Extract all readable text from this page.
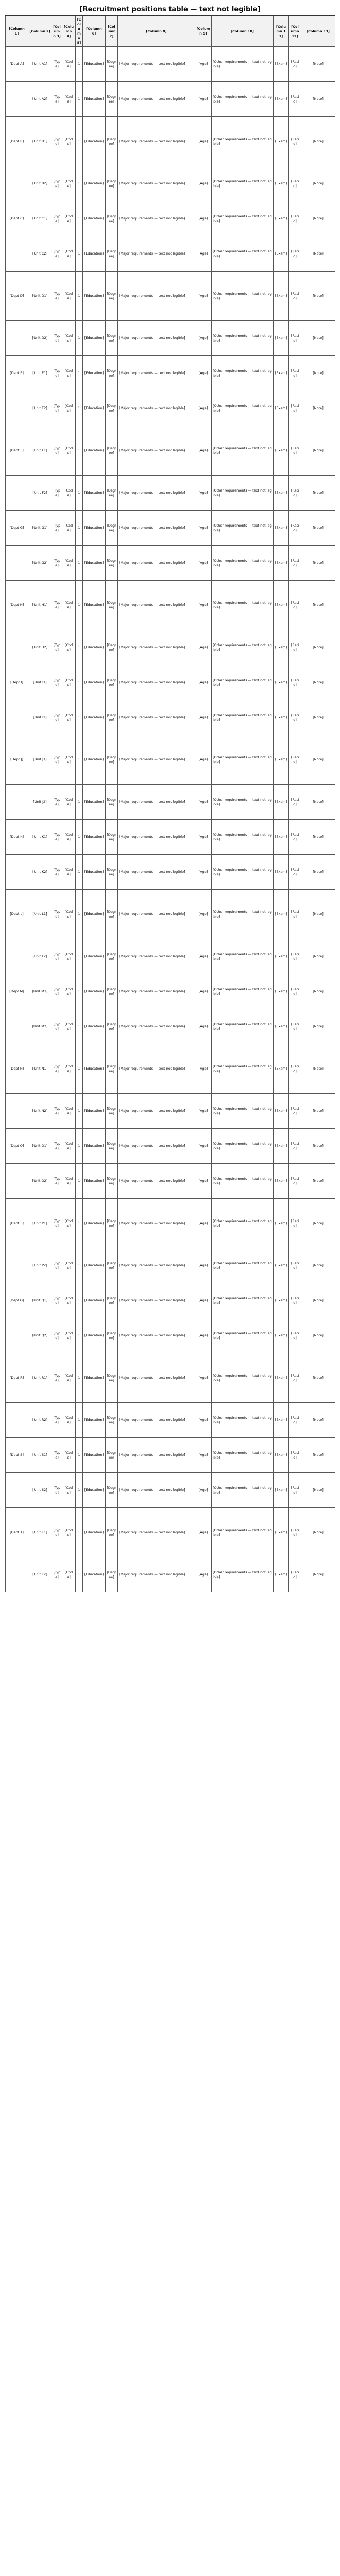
[Recruitment positions table — text not legible]
[Column 1]	[Column 2]	[Column 3]	[Column 4]	[Column 5]	[Column 6]	[Column 7]	[Column 8]	[Column 9]	[Column 10]	[Column 11]	[Column 12]	[Column 13]
[Dept A]	[Unit A1]	[Type]	[Code]	1	[Education]	[Degree]	[Major requirements — text not legible]	[Age]	[Other requirements — text not legible]	[Exam]	[Ratio]	[Note]
	[Unit A2]	[Type]	[Code]	1	[Education]	[Degree]	[Major requirements — text not legible]	[Age]	[Other requirements — text not legible]	[Exam]	[Ratio]	[Note]
[Dept B]	[Unit B1]	[Type]	[Code]	1	[Education]	[Degree]	[Major requirements — text not legible]	[Age]	[Other requirements — text not legible]	[Exam]	[Ratio]	[Note]
	[Unit B2]	[Type]	[Code]	1	[Education]	[Degree]	[Major requirements — text not legible]	[Age]	[Other requirements — text not legible]	[Exam]	[Ratio]	[Note]
[Dept C]	[Unit C1]	[Type]	[Code]	1	[Education]	[Degree]	[Major requirements — text not legible]	[Age]	[Other requirements — text not legible]	[Exam]	[Ratio]	[Note]
	[Unit C2]	[Type]	[Code]	1	[Education]	[Degree]	[Major requirements — text not legible]	[Age]	[Other requirements — text not legible]	[Exam]	[Ratio]	[Note]
[Dept D]	[Unit D1]	[Type]	[Code]	1	[Education]	[Degree]	[Major requirements — text not legible]	[Age]	[Other requirements — text not legible]	[Exam]	[Ratio]	[Note]
	[Unit D2]	[Type]	[Code]	1	[Education]	[Degree]	[Major requirements — text not legible]	[Age]	[Other requirements — text not legible]	[Exam]	[Ratio]	[Note]
[Dept E]	[Unit E1]	[Type]	[Code]	1	[Education]	[Degree]	[Major requirements — text not legible]	[Age]	[Other requirements — text not legible]	[Exam]	[Ratio]	[Note]
	[Unit E2]	[Type]	[Code]	1	[Education]	[Degree]	[Major requirements — text not legible]	[Age]	[Other requirements — text not legible]	[Exam]	[Ratio]	[Note]
[Dept F]	[Unit F1]	[Type]	[Code]	1	[Education]	[Degree]	[Major requirements — text not legible]	[Age]	[Other requirements — text not legible]	[Exam]	[Ratio]	[Note]
	[Unit F2]	[Type]	[Code]	1	[Education]	[Degree]	[Major requirements — text not legible]	[Age]	[Other requirements — text not legible]	[Exam]	[Ratio]	[Note]
[Dept G]	[Unit G1]	[Type]	[Code]	1	[Education]	[Degree]	[Major requirements — text not legible]	[Age]	[Other requirements — text not legible]	[Exam]	[Ratio]	[Note]
	[Unit G2]	[Type]	[Code]	1	[Education]	[Degree]	[Major requirements — text not legible]	[Age]	[Other requirements — text not legible]	[Exam]	[Ratio]	[Note]
[Dept H]	[Unit H1]	[Type]	[Code]	1	[Education]	[Degree]	[Major requirements — text not legible]	[Age]	[Other requirements — text not legible]	[Exam]	[Ratio]	[Note]
	[Unit H2]	[Type]	[Code]	1	[Education]	[Degree]	[Major requirements — text not legible]	[Age]	[Other requirements — text not legible]	[Exam]	[Ratio]	[Note]
[Dept I]	[Unit I1]	[Type]	[Code]	1	[Education]	[Degree]	[Major requirements — text not legible]	[Age]	[Other requirements — text not legible]	[Exam]	[Ratio]	[Note]
	[Unit I2]	[Type]	[Code]	1	[Education]	[Degree]	[Major requirements — text not legible]	[Age]	[Other requirements — text not legible]	[Exam]	[Ratio]	[Note]
[Dept J]	[Unit J1]	[Type]	[Code]	1	[Education]	[Degree]	[Major requirements — text not legible]	[Age]	[Other requirements — text not legible]	[Exam]	[Ratio]	[Note]
	[Unit J2]	[Type]	[Code]	1	[Education]	[Degree]	[Major requirements — text not legible]	[Age]	[Other requirements — text not legible]	[Exam]	[Ratio]	[Note]
[Dept K]	[Unit K1]	[Type]	[Code]	1	[Education]	[Degree]	[Major requirements — text not legible]	[Age]	[Other requirements — text not legible]	[Exam]	[Ratio]	[Note]
	[Unit K2]	[Type]	[Code]	1	[Education]	[Degree]	[Major requirements — text not legible]	[Age]	[Other requirements — text not legible]	[Exam]	[Ratio]	[Note]
[Dept L]	[Unit L1]	[Type]	[Code]	1	[Education]	[Degree]	[Major requirements — text not legible]	[Age]	[Other requirements — text not legible]	[Exam]	[Ratio]	[Note]
	[Unit L2]	[Type]	[Code]	1	[Education]	[Degree]	[Major requirements — text not legible]	[Age]	[Other requirements — text not legible]	[Exam]	[Ratio]	[Note]
[Dept M]	[Unit M1]	[Type]	[Code]	1	[Education]	[Degree]	[Major requirements — text not legible]	[Age]	[Other requirements — text not legible]	[Exam]	[Ratio]	[Note]
	[Unit M2]	[Type]	[Code]	1	[Education]	[Degree]	[Major requirements — text not legible]	[Age]	[Other requirements — text not legible]	[Exam]	[Ratio]	[Note]
[Dept N]	[Unit N1]	[Type]	[Code]	1	[Education]	[Degree]	[Major requirements — text not legible]	[Age]	[Other requirements — text not legible]	[Exam]	[Ratio]	[Note]
	[Unit N2]	[Type]	[Code]	1	[Education]	[Degree]	[Major requirements — text not legible]	[Age]	[Other requirements — text not legible]	[Exam]	[Ratio]	[Note]
[Dept O]	[Unit O1]	[Type]	[Code]	1	[Education]	[Degree]	[Major requirements — text not legible]	[Age]	[Other requirements — text not legible]	[Exam]	[Ratio]	[Note]
	[Unit O2]	[Type]	[Code]	1	[Education]	[Degree]	[Major requirements — text not legible]	[Age]	[Other requirements — text not legible]	[Exam]	[Ratio]	[Note]
[Dept P]	[Unit P1]	[Type]	[Code]	1	[Education]	[Degree]	[Major requirements — text not legible]	[Age]	[Other requirements — text not legible]	[Exam]	[Ratio]	[Note]
	[Unit P2]	[Type]	[Code]	1	[Education]	[Degree]	[Major requirements — text not legible]	[Age]	[Other requirements — text not legible]	[Exam]	[Ratio]	[Note]
[Dept Q]	[Unit Q1]	[Type]	[Code]	1	[Education]	[Degree]	[Major requirements — text not legible]	[Age]	[Other requirements — text not legible]	[Exam]	[Ratio]	[Note]
	[Unit Q2]	[Type]	[Code]	1	[Education]	[Degree]	[Major requirements — text not legible]	[Age]	[Other requirements — text not legible]	[Exam]	[Ratio]	[Note]
[Dept R]	[Unit R1]	[Type]	[Code]	1	[Education]	[Degree]	[Major requirements — text not legible]	[Age]	[Other requirements — text not legible]	[Exam]	[Ratio]	[Note]
	[Unit R2]	[Type]	[Code]	1	[Education]	[Degree]	[Major requirements — text not legible]	[Age]	[Other requirements — text not legible]	[Exam]	[Ratio]	[Note]
[Dept S]	[Unit S1]	[Type]	[Code]	1	[Education]	[Degree]	[Major requirements — text not legible]	[Age]	[Other requirements — text not legible]	[Exam]	[Ratio]	[Note]
	[Unit S2]	[Type]	[Code]	1	[Education]	[Degree]	[Major requirements — text not legible]	[Age]	[Other requirements — text not legible]	[Exam]	[Ratio]	[Note]
[Dept T]	[Unit T1]	[Type]	[Code]	1	[Education]	[Degree]	[Major requirements — text not legible]	[Age]	[Other requirements — text not legible]	[Exam]	[Ratio]	[Note]
	[Unit T2]	[Type]	[Code]	1	[Education]	[Degree]	[Major requirements — text not legible]	[Age]	[Other requirements — text not legible]	[Exam]	[Ratio]	[Note]
